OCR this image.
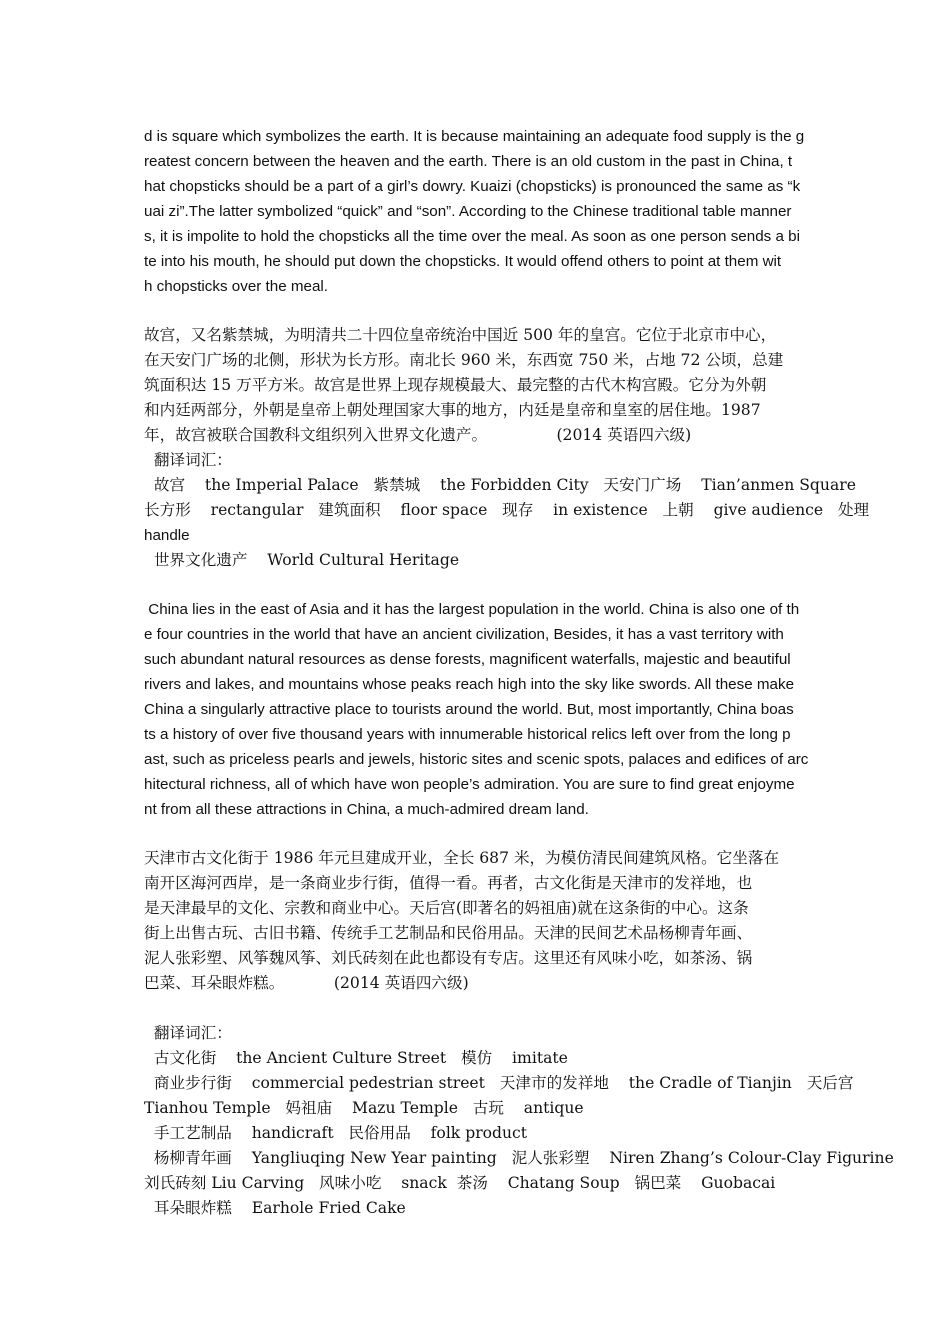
d is square which symbolizes the earth. It is because maintaining an adequate food supply is the g
reatest concern between the heaven and the earth. There is an old custom in the past in China, t
hat chopsticks should be a part of a girl’s dowry. Kuaizi (chopsticks) is pronounced the same as “k
uai zi”.The latter symbolized “quick” and “son”. According to the Chinese traditional table manner
s, it is impolite to hold the chopsticks all the time over the meal. As soon as one person sends a bi
te into his mouth, he should put down the chopsticks. It would offend others to point at them wit
h chopsticks over the meal.
故宫，又名紫禁城，为明清共二十四位皇帝统治中国近 500 年的皇宫。它位于北京市中心，
在天安门广场的北侧，形状为长方形。南北长 960 米，东西宽 750 米，占地 72 公顷，总建
筑面积达 15 万平方米。故宫是世界上现存规模最大、最完整的古代木构宫殿。它分为外朝
和内廷两部分，外朝是皇帝上朝处理国家大事的地方，内廷是皇帝和皇室的居住地。1987
年，故宫被联合国教科文组织列入世界文化遗产。              (2014 英语四六级)
翻译词汇：
故宫    the Imperial Palace   紫禁城    the Forbidden City   天安门广场    Tian’anmen Square
长方形    rectangular   建筑面积    floor space   现存    in existence   上朝    give audience   处理
handle
世界文化遗产    World Cultural Heritage
China lies in the east of Asia and it has the largest population in the world. China is also one of th
e four countries in the world that have an ancient civilization, Besides, it has a vast territory with
such abundant natural resources as dense forests, magnificent waterfalls, majestic and beautiful
rivers and lakes, and mountains whose peaks reach high into the sky like swords. All these make
China a singularly attractive place to tourists around the world. But, most importantly, China boas
ts a history of over five thousand years with innumerable historical relics left over from the long p
ast, such as priceless pearls and jewels, historic sites and scenic spots, palaces and edifices of arc
hitectural richness, all of which have won people’s admiration. You are sure to find great enjoyme
nt from all these attractions in China, a much-admired dream land.
天津市古文化街于 1986 年元旦建成开业，全长 687 米，为模仿清民间建筑风格。它坐落在
南开区海河西岸，是一条商业步行街，值得一看。再者，古文化街是天津市的发祥地，也
是天津最早的文化、宗教和商业中心。天后宫(即著名的妈祖庙)就在这条街的中心。这条
街上出售古玩、古旧书籍、传统手工艺制品和民俗用品。天津的民间艺术品杨柳青年画、
泥人张彩塑、风筝魏风筝、刘氏砖刻在此也都设有专店。这里还有风味小吃，如茶汤、锅
巴菜、耳朵眼炸糕。          (2014 英语四六级)
翻译词汇：
古文化街    the Ancient Culture Street   模仿    imitate
商业步行街    commercial pedestrian street   天津市的发祥地    the Cradle of Tianjin   天后宫
Tianhou Temple   妈祖庙    Mazu Temple   古玩    antique
手工艺制品    handicraft   民俗用品    folk product
杨柳青年画    Yangliuqing New Year painting   泥人张彩塑    Niren Zhang’s Colour-Clay Figurine
刘氏砖刻 Liu Carving   风味小吃    snack  茶汤    Chatang Soup   锅巴菜    Guobacai
耳朵眼炸糕    Earhole Fried Cake
